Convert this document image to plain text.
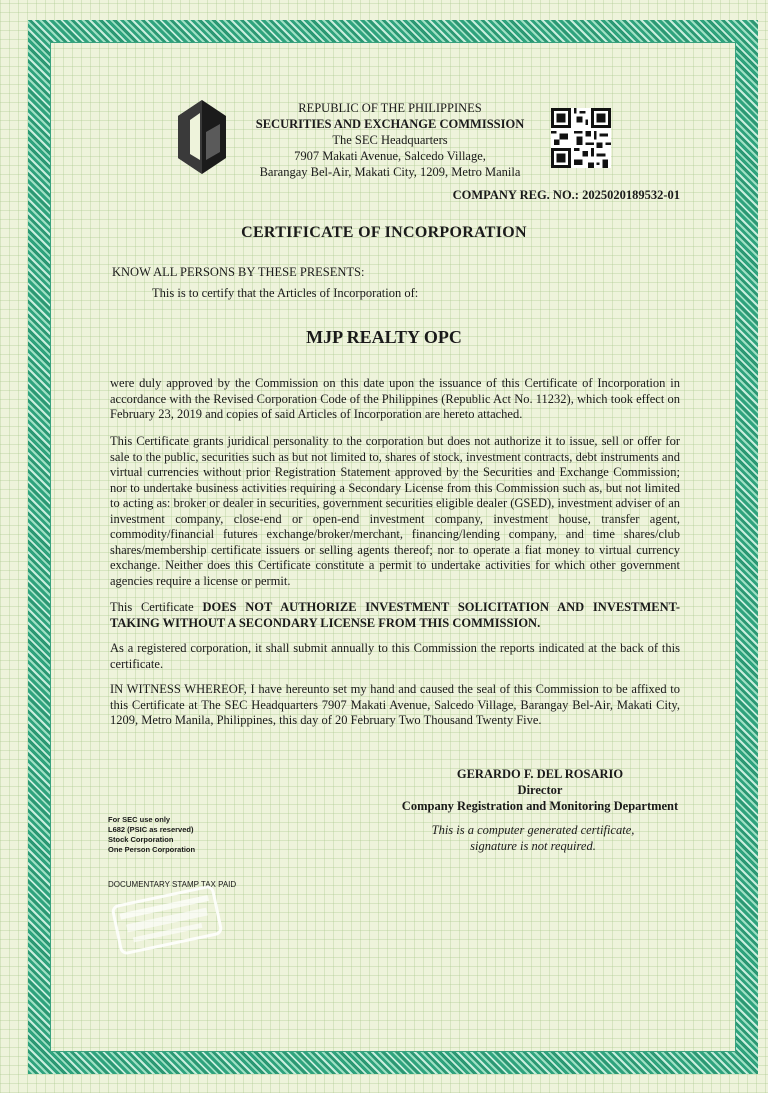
REPUBLIC OF THE PHILIPPINES
SECURITIES AND EXCHANGE COMMISSION
The SEC Headquarters
7907 Makati Avenue, Salcedo Village,
Barangay Bel-Air, Makati City, 1209, Metro Manila
COMPANY REG. NO.: 2025020189532-01
CERTIFICATE OF INCORPORATION
KNOW ALL PERSONS BY THESE PRESENTS:
This is to certify that the Articles of Incorporation of:
MJP REALTY OPC
were duly approved by the Commission on this date upon the issuance of this Certificate of Incorporation in accordance with the Revised Corporation Code of the Philippines (Republic Act No. 11232), which took effect on February 23, 2019 and copies of said Articles of Incorporation are hereto attached.
This Certificate grants juridical personality to the corporation but does not authorize it to issue, sell or offer for sale to the public, securities such as but not limited to, shares of stock, investment contracts, debt instruments and virtual currencies without prior Registration Statement approved by the Securities and Exchange Commission; nor to undertake business activities requiring a Secondary License from this Commission such as, but not limited to acting as: broker or dealer in securities, government securities eligible dealer (GSED), investment adviser of an investment company, close-end or open-end investment company, investment house, transfer agent, commodity/financial futures exchange/broker/merchant, financing/lending company, and time shares/club shares/membership certificate issuers or selling agents thereof; nor to operate a fiat money to virtual currency exchange. Neither does this Certificate constitute a permit to undertake activities for which other government agencies require a license or permit.
This Certificate DOES NOT AUTHORIZE INVESTMENT SOLICITATION AND INVESTMENT-TAKING WITHOUT A SECONDARY LICENSE FROM THIS COMMISSION.
As a registered corporation, it shall submit annually to this Commission the reports indicated at the back of this certificate.
IN WITNESS WHEREOF, I have hereunto set my hand and caused the seal of this Commission to be affixed to this Certificate at The SEC Headquarters 7907 Makati Avenue, Salcedo Village, Barangay Bel-Air, Makati City, 1209, Metro Manila, Philippines, this day of 20 February Two Thousand Twenty Five.
GERARDO F. DEL ROSARIO
Director
Company Registration and Monitoring Department
This is a computer generated certificate,
signature is not required.
For SEC use only
L682 (PSIC as reserved)
Stock Corporation
One Person Corporation
DOCUMENTARY STAMP TAX PAID
